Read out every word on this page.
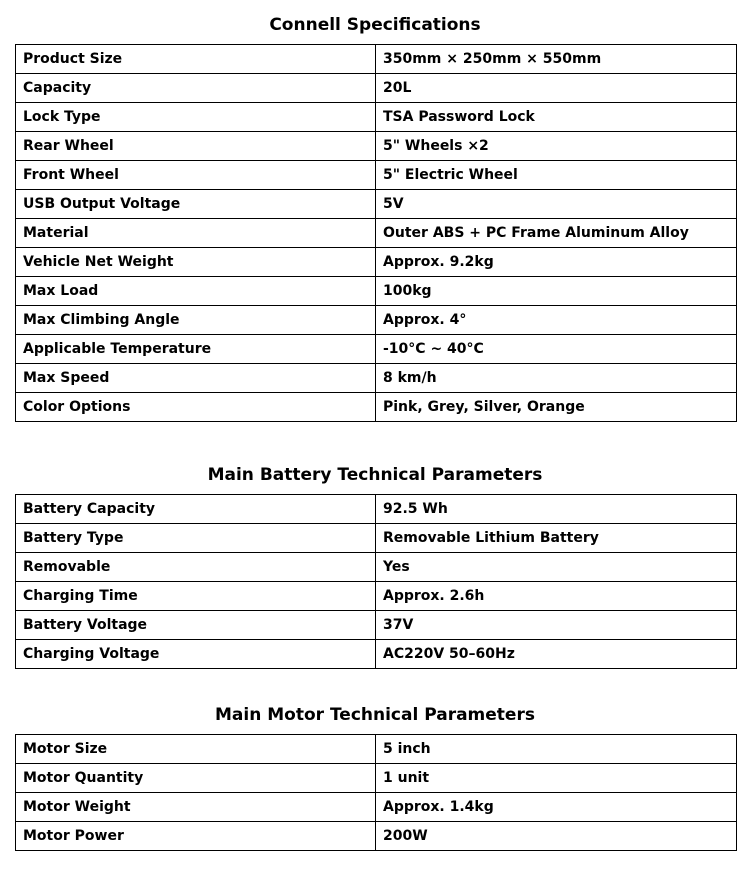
Connell Specifications
Product Size	350mm × 250mm × 550mm
Capacity	20L
Lock Type	TSA Password Lock
Rear Wheel	5" Wheels ×2
Front Wheel	5" Electric Wheel
USB Output Voltage	5V
Material	Outer ABS + PC Frame Aluminum Alloy
Vehicle Net Weight	Approx. 9.2kg
Max Load	100kg
Max Climbing Angle	Approx. 4°
Applicable Temperature	-10°C ~ 40°C
Max Speed	8 km/h
Color Options	Pink, Grey, Silver, Orange
Main Battery Technical Parameters
Battery Capacity	92.5 Wh
Battery Type	Removable Lithium Battery
Removable	Yes
Charging Time	Approx. 2.6h
Battery Voltage	37V
Charging Voltage	AC220V 50–60Hz
Main Motor Technical Parameters
Motor Size	5 inch
Motor Quantity	1 unit
Motor Weight	Approx. 1.4kg
Motor Power	200W
